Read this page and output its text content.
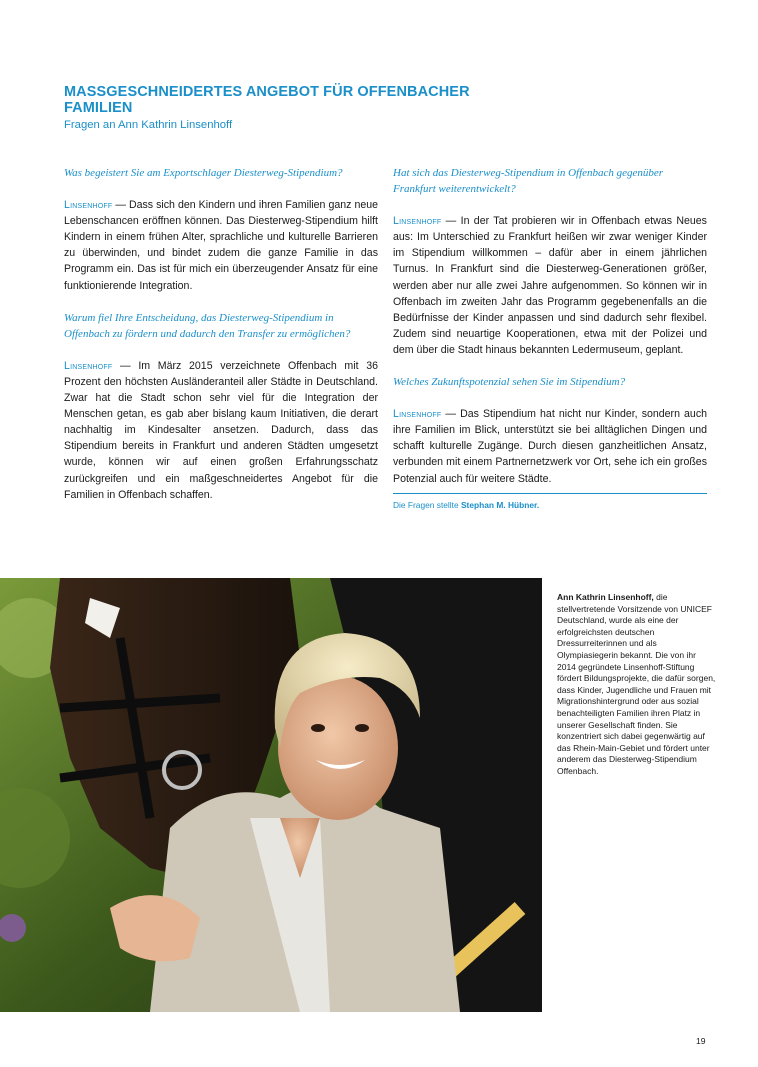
MASSGESCHNEIDERTES ANGEBOT FÜR OFFENBACHER FAMILIEN

Fragen an Ann Kathrin Linsenhoff

Was begeistert Sie am Exportschlager Diesterweg-Stipendium?

Linsenhoff — Dass sich den Kindern und ihren Familien ganz neue Lebenschancen eröffnen können. Das Diesterweg-Stipendium hilft Kindern in einem frühen Alter, sprachliche und kulturelle Barrieren zu überwinden, und bindet zudem die ganze Familie in das Programm ein. Das ist für mich ein überzeugender Ansatz für eine funktionierende Integration.

Warum fiel Ihre Entscheidung, das Diesterweg-Stipendium in Offenbach zu fördern und dadurch den Transfer zu ermöglichen?

Linsenhoff — Im März 2015 verzeichnete Offenbach mit 36 Prozent den höchsten Ausländeranteil aller Städte in Deutschland. Zwar hat die Stadt schon sehr viel für die Integration der Menschen getan, es gab aber bislang kaum Initiativen, die derart nachhaltig im Kindesalter ansetzen. Dadurch, dass das Stipendium bereits in Frankfurt und anderen Städten umgesetzt wurde, können wir auf einen großen Erfahrungsschatz zurückgreifen und ein maßgeschneidertes Angebot für die Familien in Offenbach schaffen.

Hat sich das Diesterweg-Stipendium in Offenbach gegenüber Frankfurt weiterentwickelt?

Linsenhoff — In der Tat probieren wir in Offenbach etwas Neues aus: Im Unterschied zu Frankfurt heißen wir zwar weniger Kinder im Stipendium willkommen – dafür aber in einem jährlichen Turnus. In Frankfurt sind die Diesterweg-Generationen größer, werden aber nur alle zwei Jahre aufgenommen. So können wir in Offenbach im zweiten Jahr das Programm gegebenenfalls an die Bedürfnisse der Kinder anpassen und sind dadurch sehr flexibel. Zudem sind neuartige Kooperationen, etwa mit der Polizei und dem über die Stadt hinaus bekannten Ledermuseum, geplant.

Welches Zukunftspotenzial sehen Sie im Stipendium?

Linsenhoff — Das Stipendium hat nicht nur Kinder, sondern auch ihre Familien im Blick, unterstützt sie bei alltäglichen Dingen und schafft kulturelle Zugänge. Durch diesen ganzheitlichen Ansatz, verbunden mit einem Partnernetzwerk vor Ort, sehe ich ein großes Potenzial auch für weitere Städte.

Die Fragen stellte Stephan M. Hübner.

Ann Kathrin Linsenhoff, die stellvertretende Vorsitzende von UNICEF Deutschland, wurde als eine der erfolgreichsten deutschen Dressurreiterinnen und als Olympiasiegerin bekannt. Die von ihr 2014 gegründete Linsenhoff-Stiftung fördert Bildungsprojekte, die dafür sorgen, dass Kinder, Jugendliche und Frauen mit Migrationshintergrund oder aus sozial benachteiligten Familien ihren Platz in unserer Gesellschaft finden. Sie konzentriert sich dabei gegenwärtig auf das Rhein-Main-Gebiet und fördert unter anderem das Diesterweg-Stipendium Offenbach.
19
